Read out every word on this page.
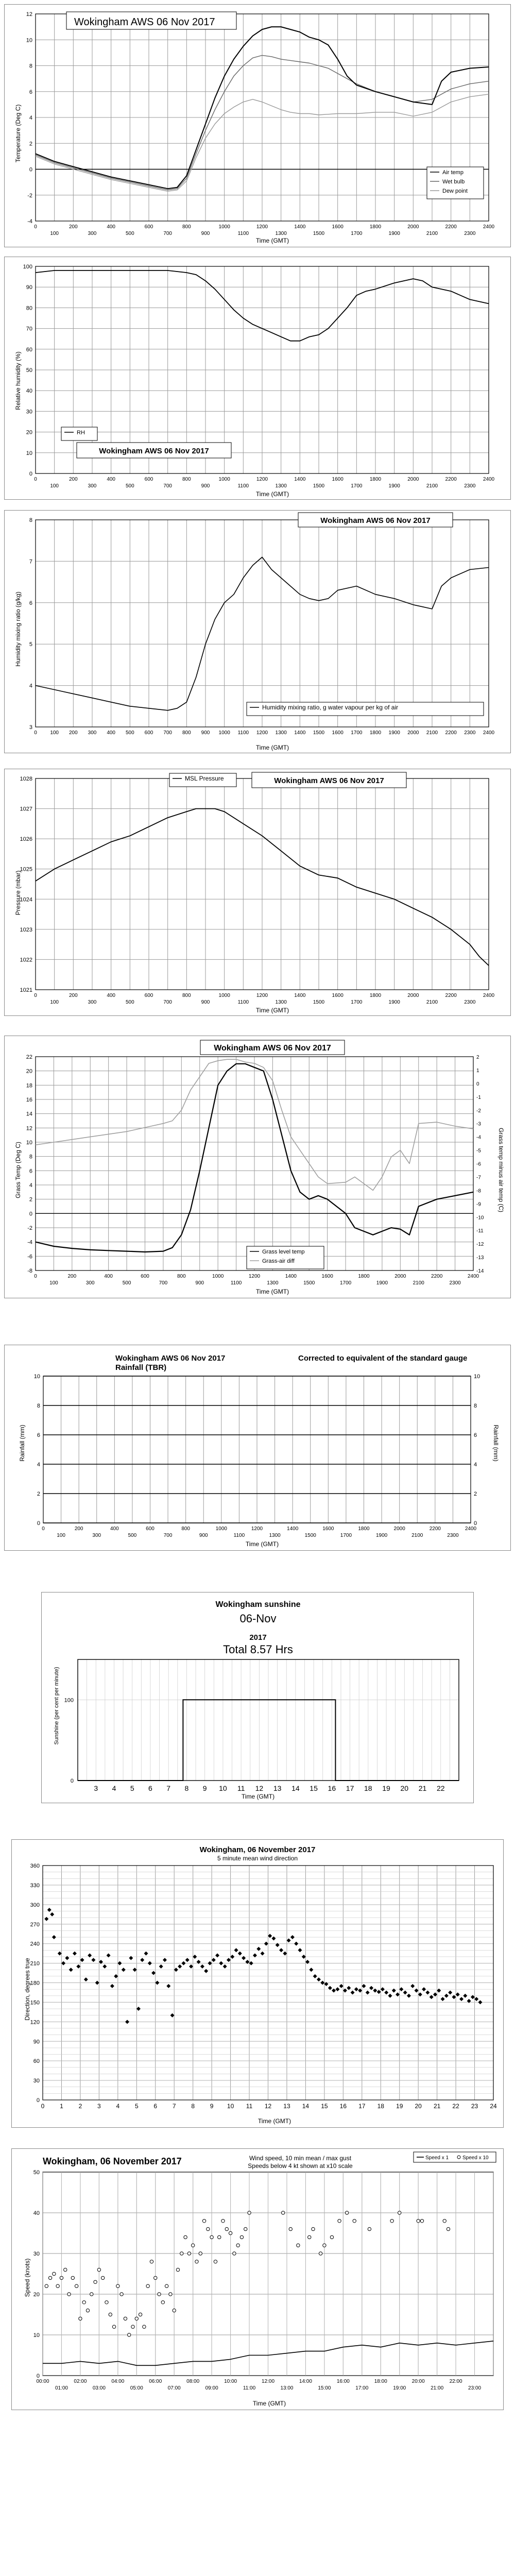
Temperature (Deg C)
Time (GMT)
-4
-2
0
2
4
6
8
10
12
0	200	400	600	800	1000	1200	1400	1600	1800	2000	2200	2400
100	300	500	700	900	1100	1300	1500	1700	1900	2100	2300
Wokingham AWS 06 Nov 2017
Air temp
Wet bulb
Dew point
Relative humidity (%)
Time (GMT)
0
10
20
30
40
50
60
70
80
90
100
0	200	400	600	800	1000	1200	1400	1600	1800	2000	2200	2400
100	300	500	700	900	1100	1300	1500	1700	1900	2100	2300
RH
Wokingham AWS 06 Nov 2017
Humidity mixing ratio (g/kg)
Time (GMT)
3
4
5
6
7
8
0	100 200 300 400 500 600 700 800 900 1000 1100 1200 1300 1400 1500 1600 1700 1800 1900 2000 2100 2200 2300 2400
Wokingham AWS 06 Nov 2017
Humidity mixing ratio, g water vapour per kg of air
Pressure (mbar)
Time (GMT)
1021
1022
1023
1024
1025
1026
1027
1028
0	200	400	600	800	1000	1200	1400	1600	1800	2000	2200	2400
100	300	500	700	900	1100	1300	1500	1700	1900	2100	2300
MSL Pressure	Wokingham AWS 06 Nov 2017
Wokingham AWS 06 Nov 2017
Grass Temp (Deg C)	Grass temp minus air temp (C)
Time (GMT)
-8
-6
-4
-2
0
2
4
6
8
10
12
14
16
18
20
22
0	200	400	600	800	1000	1200	1400	1600	1800	2000	2200	2400
100	300	500	700	900	1100	1300	1500	1700	1900	2100	2300
-14
-13
-12
-11
-10
-9
-8
-7
-6
-5
-4
-3
-2
-1
0
1
2
Grass level temp
Grass-air diff
Wokingham AWS 06 Nov 2017
Rainfall (TBR)
Corrected to equivalent of the standard gauge
Rainfall (mm)	Rainfall (mm)
Time (GMT)
0
2
4
6
8
10
0	200	400	600	800	1000	1200	1400	1600	1800	2000	2200	2400
100	300	500	700	900	1100	1300	1500	1700	1900	2100	2300
0
2
4
6
8
10
Wokingham sunshine
06-Nov
2017
Total 8.57 Hrs
Sunshine (per cent per minute)
Time (GMT)
0
100
3 4 5 6 7 8 9 10 11 12 13 14 15 16 17 18 19 20 21 22
Wokingham, 06 November 2017
5 minute mean wind direction
Direction, degrees true
Time (GMT)
0
30
60
90
120
150
180
210
240
270
300
330
360
0 1 2 3 4 5 6 7 8 9 10 11 12 13 14 15 16 17 18 19 20 21 22 23 24
Wokingham, 06 November 2017	Wind speed, 10 min mean / max gust
Speeds below 4 kt shown at x10 scale
Speed (knots)
Time (GMT)
0
10
20
30
40
50
00:00	02:00	04:00	06:00	08:00	10:00	12:00	14:00	16:00	18:00	20:00	22:00
01:00	03:00	05:00	07:00	09:00	11:00	13:00	15:00	17:00	19:00	21:00	23:00
Speed x 1	Speed x 10
